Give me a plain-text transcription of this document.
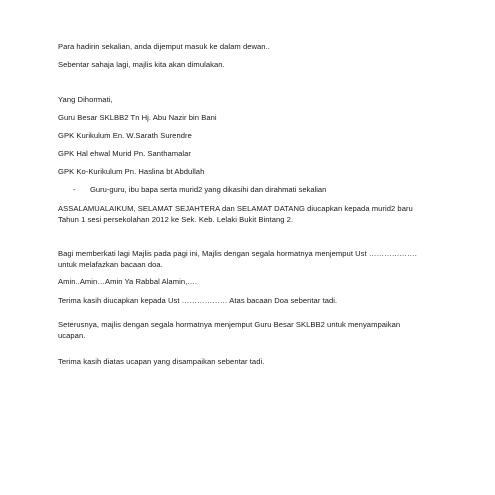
Para hadirin sekalian, anda dijemput masuk ke dalam dewan..
Sebentar sahaja lagi, majlis kita akan dimulakan.
Yang Dihormati,
Guru Besar SKLBB2 Tn Hj. Abu Nazir bin Bani
GPK Kurikulum En. W.Sarath Surendre
GPK Hal ehwal Murid Pn. Santhamalar
GPK Ko-Kurikulum Pn. Haslina bt Abdullah
- Guru-guru, ibu bapa serta murid2 yang dikasihi dan dirahmati sekalian
ASSALAMUALAIKUM, SELAMAT SEJAHTERA dan SELAMAT DATANG diucapkan kepada murid2 baru
Tahun 1 sesi persekolahan 2012 ke Sek. Keb. Lelaki Bukit Bintang 2.
Bagi memberkati lagi Majlis pada pagi ini, Majlis dengan segala hormatnya menjemput Ust ……………….
untuk melafazkan bacaan doa.
Amin..Amin…Amin Ya Rabbal Alamin,….
Terima kasih diucapkan kepada Ust ……………… Atas bacaan Doa sebentar tadi.
Seterusnya, majlis dengan segala hormatnya menjemput Guru Besar SKLBB2 untuk menyampaikan
ucapan.
Terima kasih diatas ucapan yang disampaikan sebentar tadi.
